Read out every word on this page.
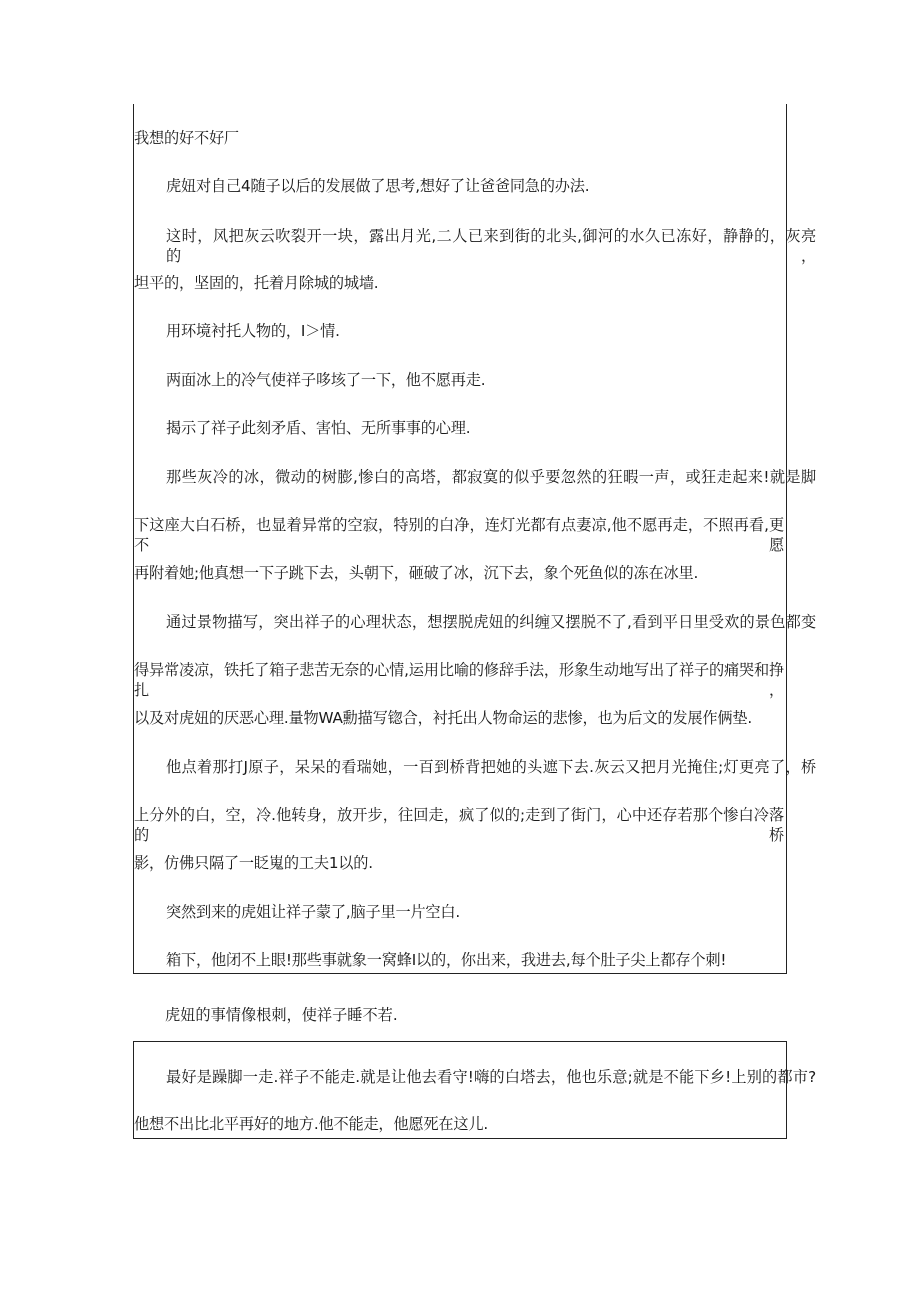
我想的好不好厂
虎妞对自己4随子以后的发展做了思考,想好了让爸爸同急的办法.
这时，风把灰云吹裂开一块，露出月光,二人已来到街的北头,御河的水久已冻好，静静的，灰亮的，
坦平的，坚固的，托着月除城的城墙.
用环境衬托人物的，I＞情.
两面冰上的冷气使祥子哆垓了一下，他不愿再走.
揭示了祥子此刻矛盾、害怕、无所事事的心理.
那些灰冷的冰，微动的树膨,惨白的高塔，都寂寞的似乎要忽然的狂暇一声，或狂走起来!就是脚
下这座大白石桥，也显着异常的空寂，特别的白净，连灯光都有点妻凉,他不愿再走，不照再看,更不愿
再附着她;他真想一下子跳下去，头朝下，砸破了冰，沉下去，象个死鱼似的冻在冰里.
通过景物描写，突出祥子的心理状态，想摆脱虎妞的纠缠又摆脱不了,看到平日里受欢的景色都变
得异常凌凉，铁托了箱子悲苦无奈的心情,运用比喻的修辞手法，形象生动地写出了祥子的痛哭和挣扎，
以及对虎妞的厌恶心理.量物WA勳描写锪合，衬托出人物命运的悲惨，也为后文的发展作俩垫.
他点着那打J原子，呆呆的看瑞她，一百到桥背把她的头遮下去.灰云又把月光掩住;灯更亮了，桥
上分外的白，空，冷.他转身，放开步，往回走，疯了似的;走到了街门，心中还存若那个惨白冷落的桥
影，仿佛只隔了一眨嵬的工夫1以的.
突然到来的虎姐让祥子蒙了,脑子里一片空白.
箱下，他闭不上眼!那些事就象一窝蜂I以的，你出来，我进去,每个肚子尖上都存个刺!
虎妞的事情像根刺，使祥子睡不若.
最好是躁脚一走.祥子不能走.就是让他去看守!嗨的白塔去，他也乐意;就是不能下乡!上别的都市?
他想不出比北平再好的地方.他不能走，他愿死在这儿.
